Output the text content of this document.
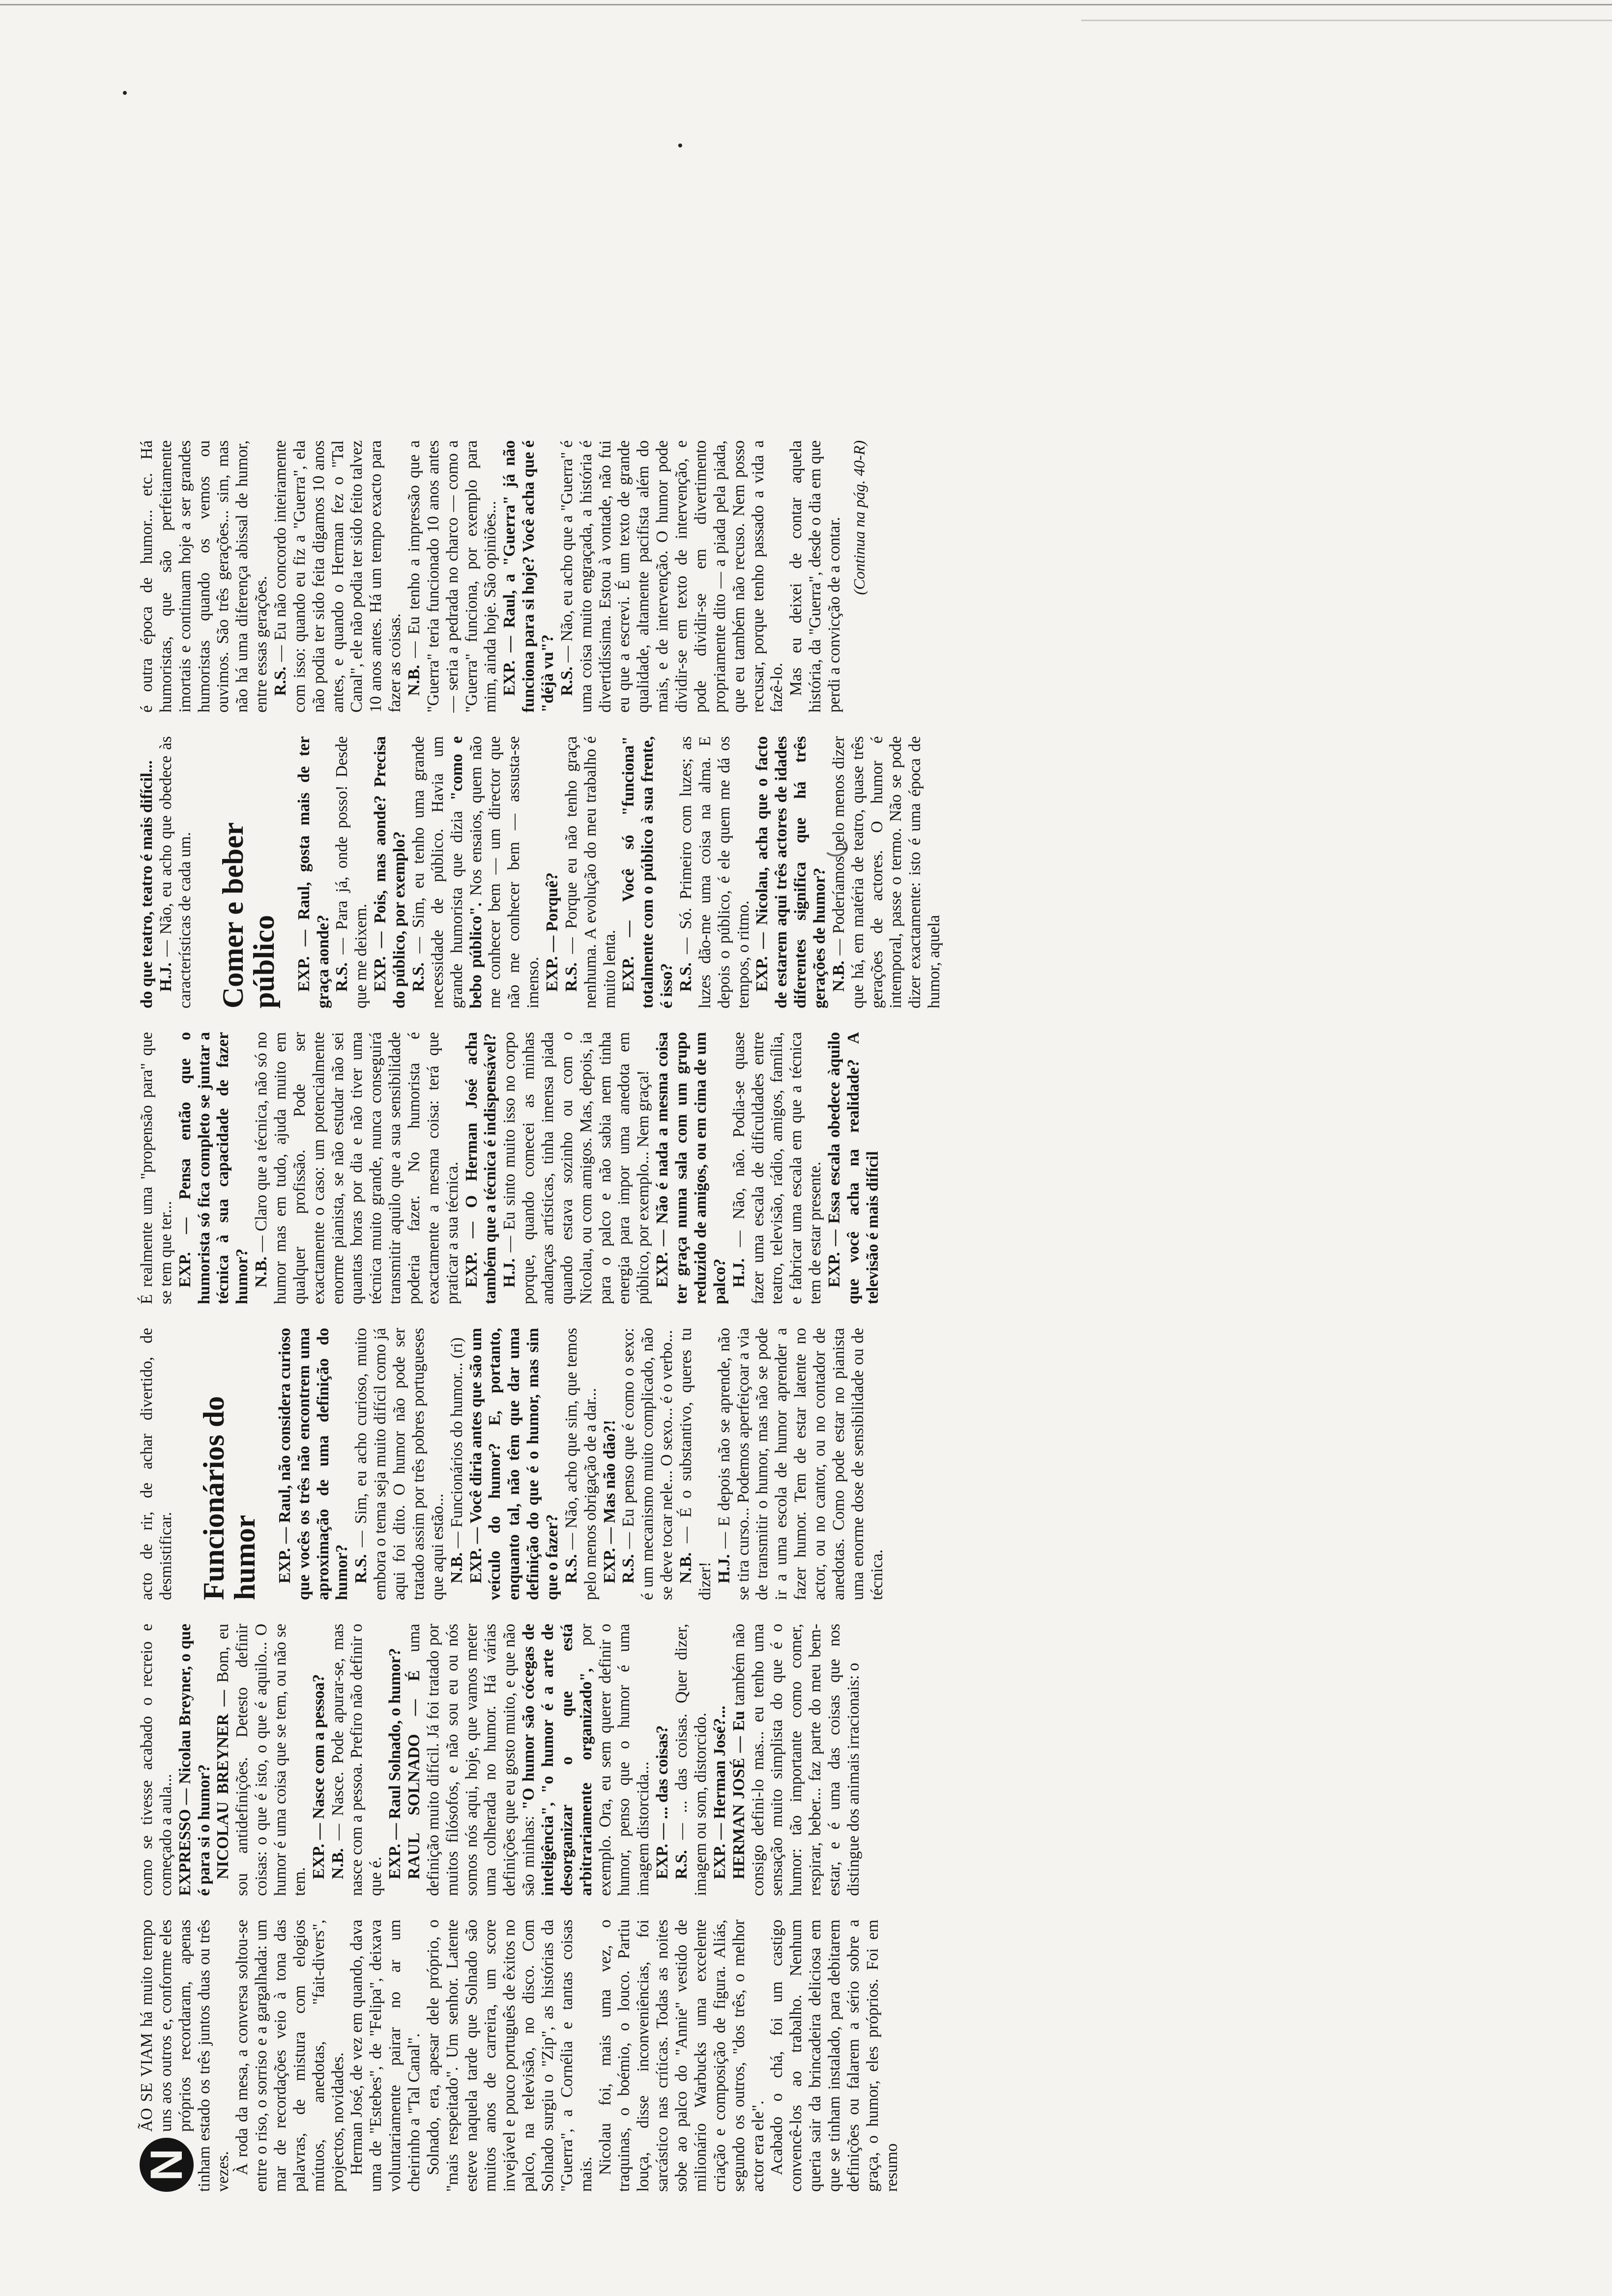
N
ÃO SE VIAM há muito tempo uns aos outros e, conforme eles próprios recordaram, apenas tinham estado os três juntos duas ou três vezes. À roda da mesa, a conversa soltou-se entre o riso, o sorriso e a gargalhada: um mar de recordações veio à tona das palavras, de mistura com elogios mútuos, anedotas, "fait-divers", projectos, novidades. Herman José, de vez em quando, dava uma de "Estebes", de "Felipa", deixava voluntariamente pairar no ar um cheirinho a "Tal Canal". Solnado, era, apesar dele próprio, o "mais respeitado". Um senhor. Latente esteve naquela tarde que Solnado são muitos anos de carreira, um score invejável e pouco português de êxitos no palco, na televisão, no disco. Com Solnado surgiu o "Zip", as histórias da "Guerra", a Cornélia e tantas coisas mais. Nicolau foi, mais uma vez, o traquinas, o boémio, o louco. Partiu louça, disse inconveniências, foi sarcástico nas críticas. Todas as noites sobe ao palco do "Annie" vestido de milionário Warbucks uma excelente criação e composição de figura. Aliás, segundo os outros, "dos três, o melhor actor era ele". Acabado o chá, foi um castigo convencê-los ao trabalho. Nenhum queria sair da brincadeira deliciosa em que se tinham instalado, para debitarem definições ou falarem a sério sobre a graça, o humor, eles próprios. Foi em resumo

como se tivesse acabado o recreio e começado a aula... EXPRESSO — Nicolau Breyner, o que é para si o humor? NICOLAU BREYNER — Bom, eu sou antidefinições. Detesto definir coisas: o que é isto, o que é aquilo... O humor é uma coisa que se tem, ou não se tem.

EXP. — Nasce com a pessoa? N.B. — Nasce. Pode apurar-se, mas nasce com a pessoa. Prefiro não definir o que é. EXP. — Raul Solnado, o humor? RAUL SOLNADO — É uma definição muito difícil. Já foi tratado por muitos filósofos, e não sou eu ou nós somos nós aqui, hoje, que vamos meter uma colherada no humor. Há várias definições que eu gosto muito, e que não são minhas: "O humor são cócegas de inteligência", "o humor é a arte de desorganizar o que está arbitrariamente organizado", por exemplo. Ora, eu sem querer definir o humor, penso que o humor é uma imagem distorcida... EXP. — ... das coisas? R.S. — ... das coisas. Quer dizer, imagem ou som, distorcido. EXP. — Herman José?... HERMAN JOSÉ — Eu também não consigo defini-lo mas... eu tenho uma sensação muito simplista do que é o humor: tão importante como comer, respirar, beber... faz parte do meu bem-estar, e é uma das coisas que nos distingue dos animais irracionais: o

acto de rir, de achar divertido, de desmistificar. Funcionários do humor EXP. — Raul, não considera curioso que vocês os três não encontrem uma aproximação de uma definição do humor? R.S. — Sim, eu acho curioso, muito embora o tema seja muito difícil como já aqui foi dito. O humor não pode ser tratado assim por três pobres portugueses que aqui estão... N.B. — Funcionários do humor... (ri) EXP. — Você diria antes que são um veículo do humor? E, portanto, enquanto tal, não têm que dar uma definição do que é o humor, mas sim que o fazer? R.S. — Não, acho que sim, que temos pelo menos obrigação de a dar... EXP. — Mas não dão?! R.S. — Eu penso que é como o sexo: é um mecanismo muito complicado, não se deve tocar nele... O sexo... é o verbo... N.B. — É o substantivo, queres tu dizer! H.J. — E depois não se aprende, não se tira curso... Podemos aperfeiçoar a via de transmitir o humor, mas não se pode ir a uma escola de humor aprender a fazer humor. Tem de estar latente no actor, ou no cantor, ou no contador de anedotas. Como pode estar no pianista uma enorme dose de sensibilidade ou de técnica.

É realmente uma "propensão para" que se tem que ter... EXP. — Pensa então que o humorista só fica completo se juntar a técnica à sua capacidade de fazer humor? N.B. — Claro que a técnica, não só no humor mas em tudo, ajuda muito em qualquer profissão. Pode ser exactamente o caso: um potencialmente enorme pianista, se não estudar não sei quantas horas por dia e não tiver uma técnica muito grande, nunca conseguirá transmitir aquilo que a sua sensibilidade poderia fazer. No humorista é exactamente a mesma coisa: terá que praticar a sua técnica. EXP. — O Herman José acha também que a técnica é indispensável? H.J. — Eu sinto muito isso no corpo porque, quando comecei as minhas andanças artísticas, tinha imensa piada quando estava sozinho ou com o Nicolau, ou com amigos. Mas, depois, ia para o palco e não sabia nem tinha energia para impor uma anedota em público, por exemplo... Nem graça! EXP. — Não é nada a mesma coisa ter graça numa sala com um grupo reduzido de amigos, ou em cima de um palco? H.J. — Não, não. Podia-se quase fazer uma escala de dificuldades entre teatro, televisão, rádio, amigos, família, e fabricar uma escala em que a técnica tem de estar presente. EXP. — Essa escala obedece àquilo que você acha na realidade? A televisão é mais difícil

do que teatro, teatro é mais difícil... H.J. — Não, eu acho que obedece às características de cada um. Comer e beber público EXP. — Raul, gosta mais de ter graça aonde? R.S. — Para já, onde posso! Desde que me deixem. EXP. — Pois, mas aonde? Precisa do público, por exemplo? R.S. — Sim, eu tenho uma grande necessidade de público. Havia um grande humorista que dizia "como e bebo público". Nos ensaios, quem não me conhecer bem — um director que não me conhecer bem — assusta-se imenso. EXP. — Porquê? R.S. — Porque eu não tenho graça nenhuma. A evolução do meu trabalho é muito lenta. EXP. — Você só "funciona" totalmente com o público à sua frente, é isso? R.S. — Só. Primeiro com luzes; as luzes dão-me uma coisa na alma. E depois o público, é ele quem me dá os tempos, o ritmo. EXP. — Nicolau, acha que o facto de estarem aqui três actores de idades diferentes significa que há três gerações de humor? N.B. — Poderíamos pelo menos dizer que há, em matéria de teatro, quase três gerações de actores. O humor é intemporal, passe o termo. Não se pode dizer exactamente: isto é uma época de humor, aquela

é outra época de humor... etc. Há humoristas, que são perfeitamente imortais e continuam hoje a ser grandes humoristas quando os vemos ou ouvimos. São três gerações... sim, mas não há uma diferença abissal de humor, entre essas gerações. R.S. — Eu não concordo inteiramente com isso: quando eu fiz a "Guerra", ela não podia ter sido feita digamos 10 anos antes, e quando o Herman fez o "Tal Canal", ele não podia ter sido feito talvez 10 anos antes. Há um tempo exacto para fazer as coisas. N.B. — Eu tenho a impressão que a "Guerra" teria funcionado 10 anos antes — seria a pedrada no charco — como a "Guerra" funciona, por exemplo para mim, ainda hoje. São opiniões... EXP. — Raul, a "Guerra" já não funciona para si hoje? Você acha que é "déjà vu"? R.S. — Não, eu acho que a "Guerra" é uma coisa muito engraçada, a história é divertidíssima. Estou à vontade, não fui eu que a escrevi. É um texto de grande qualidade, altamente pacifista além do mais, e de intervenção. O humor pode dividir-se em texto de intervenção, e pode dividir-se em divertimento propriamente dito — a piada pela piada, que eu também não recuso. Nem posso recusar, porque tenho passado a vida a fazê-lo. Mas eu deixei de contar aquela história, da "Guerra", desde o dia em que perdi a convicção de a contar. (Continua na pág. 40-R)
